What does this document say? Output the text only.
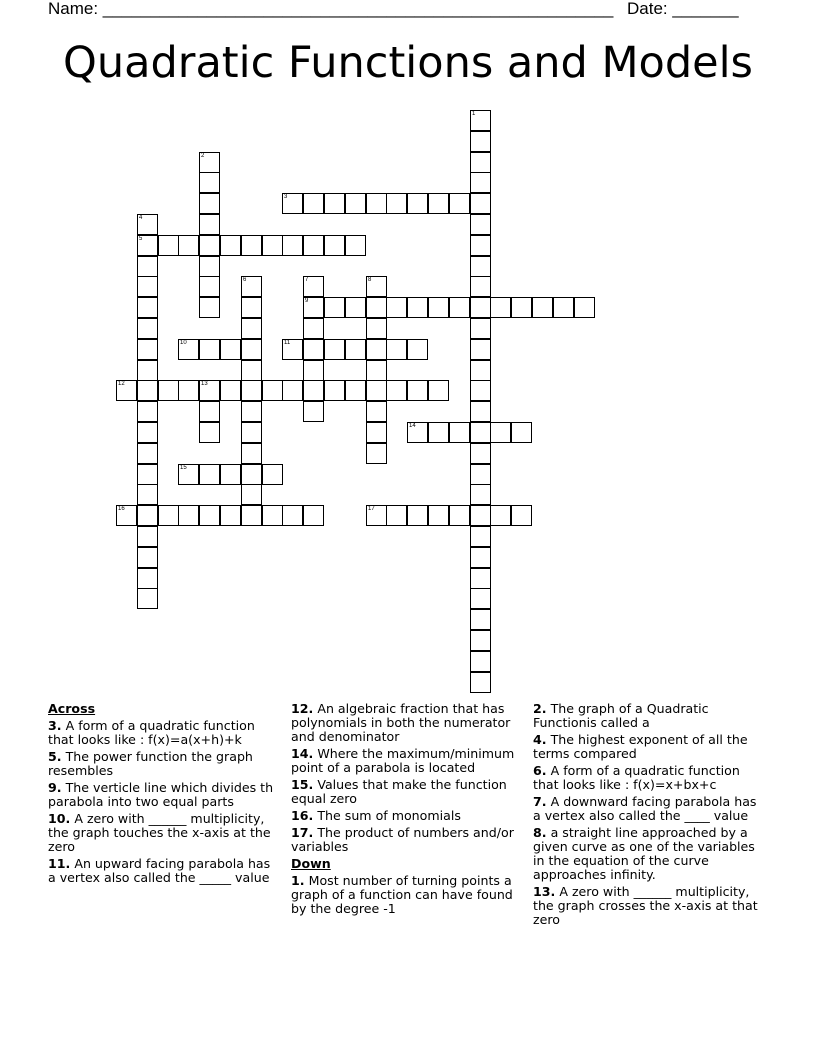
Name: ______________________________________________________ Date: _______
Quadratic Functions and Models
1
2
3
4
5
6	7
9
8
10	11
12	13
14
15
16	17
Across
3. A form of a quadratic function that looks like : f(x)=a(x+h)+k
5. The power function the graph resembles
9. The verticle line which divides th parabola into two equal parts
10. A zero with ______ multiplicity, the graph touches the x-axis at the zero
11. An upward facing parabola has a vertex also called the _____ value
12. An algebraic fraction that has polynomials in both the numerator and denominator
14. Where the maximum/minimum point of a parabola is located
15. Values that make the function equal zero
16. The sum of monomials
17. The product of numbers and/or variables
Down
1. Most number of turning points a graph of a function can have found by the degree -1
2. The graph of a Quadratic Functionis called a
4. The highest exponent of all the terms compared
6. A form of a quadratic function that looks like : f(x)=x+bx+c
7. A downward facing parabola has a vertex also called the ____ value
8. a straight line approached by a given curve as one of the variables in the equation of the curve approaches infinity.
13. A zero with ______ multiplicity, the graph crosses the x-axis at that zero
